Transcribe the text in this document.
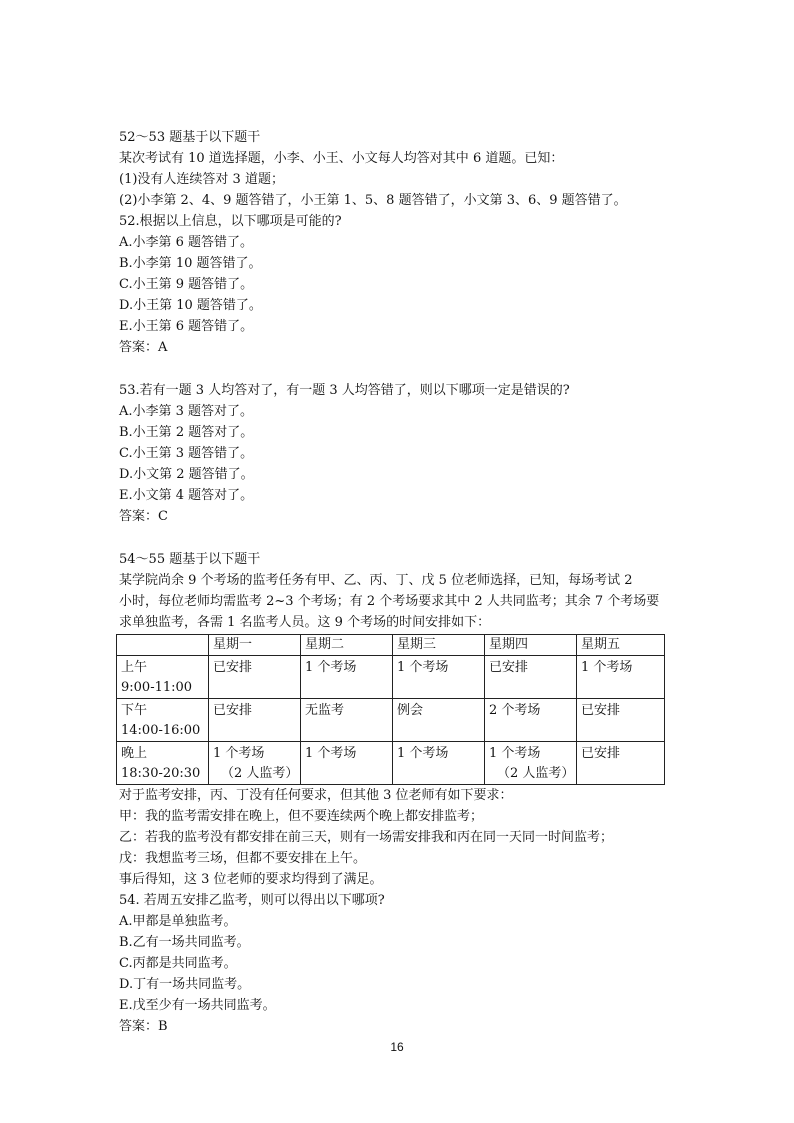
52～53 题基于以下题干
某次考试有 10 道选择题，小李、小王、小文每人均答对其中 6 道题。已知：
(1)没有人连续答对 3 道题；
(2)小李第 2、4、9 题答错了，小王第 1、5、8 题答错了，小文第 3、6、9 题答错了。
52.根据以上信息，以下哪项是可能的?
A.小李第 6 题答错了。
B.小李第 10 题答错了。
C.小王第 9 题答错了。
D.小王第 10 题答错了。
E.小王第 6 题答错了。
答案：A
53.若有一题 3 人均答对了，有一题 3 人均答错了，则以下哪项一定是错误的?
A.小李第 3 题答对了。
B.小王第 2 题答对了。
C.小王第 3 题答错了。
D.小文第 2 题答错了。
E.小文第 4 题答对了。
答案：C
54～55 题基于以下题干
某学院尚余 9 个考场的监考任务有甲、乙、丙、丁、戊 5 位老师选择，已知，每场考试 2
小时，每位老师均需监考 2~3 个考场；有 2 个考场要求其中 2 人共同监考；其余 7 个考场要
求单独监考，各需 1 名监考人员。这 9 个考场的时间安排如下：
	星期一	星期二	星期三	星期四	星期五

上午
9:00-11:00	已安排	1 个考场	1 个考场	已安排	1 个考场

下午
14:00-16:00	已安排	无监考	例会	2 个考场	已安排

晚上
18:30-20:30	1 个考场
（2 人监考）	1 个考场	1 个考场	1 个考场
（2 人监考）	已安排
对于监考安排，丙、丁没有任何要求，但其他 3 位老师有如下要求：
甲：我的监考需安排在晚上，但不要连续两个晚上都安排监考；
乙：若我的监考没有都安排在前三天，则有一场需安排我和丙在同一天同一时间监考；
戊：我想监考三场，但都不要安排在上午。
事后得知，这 3 位老师的要求均得到了满足。
54. 若周五安排乙监考，则可以得出以下哪项?
A.甲都是单独监考。
B.乙有一场共同监考。
C.丙都是共同监考。
D.丁有一场共同监考。
E.戊至少有一场共同监考。
答案：B
16
